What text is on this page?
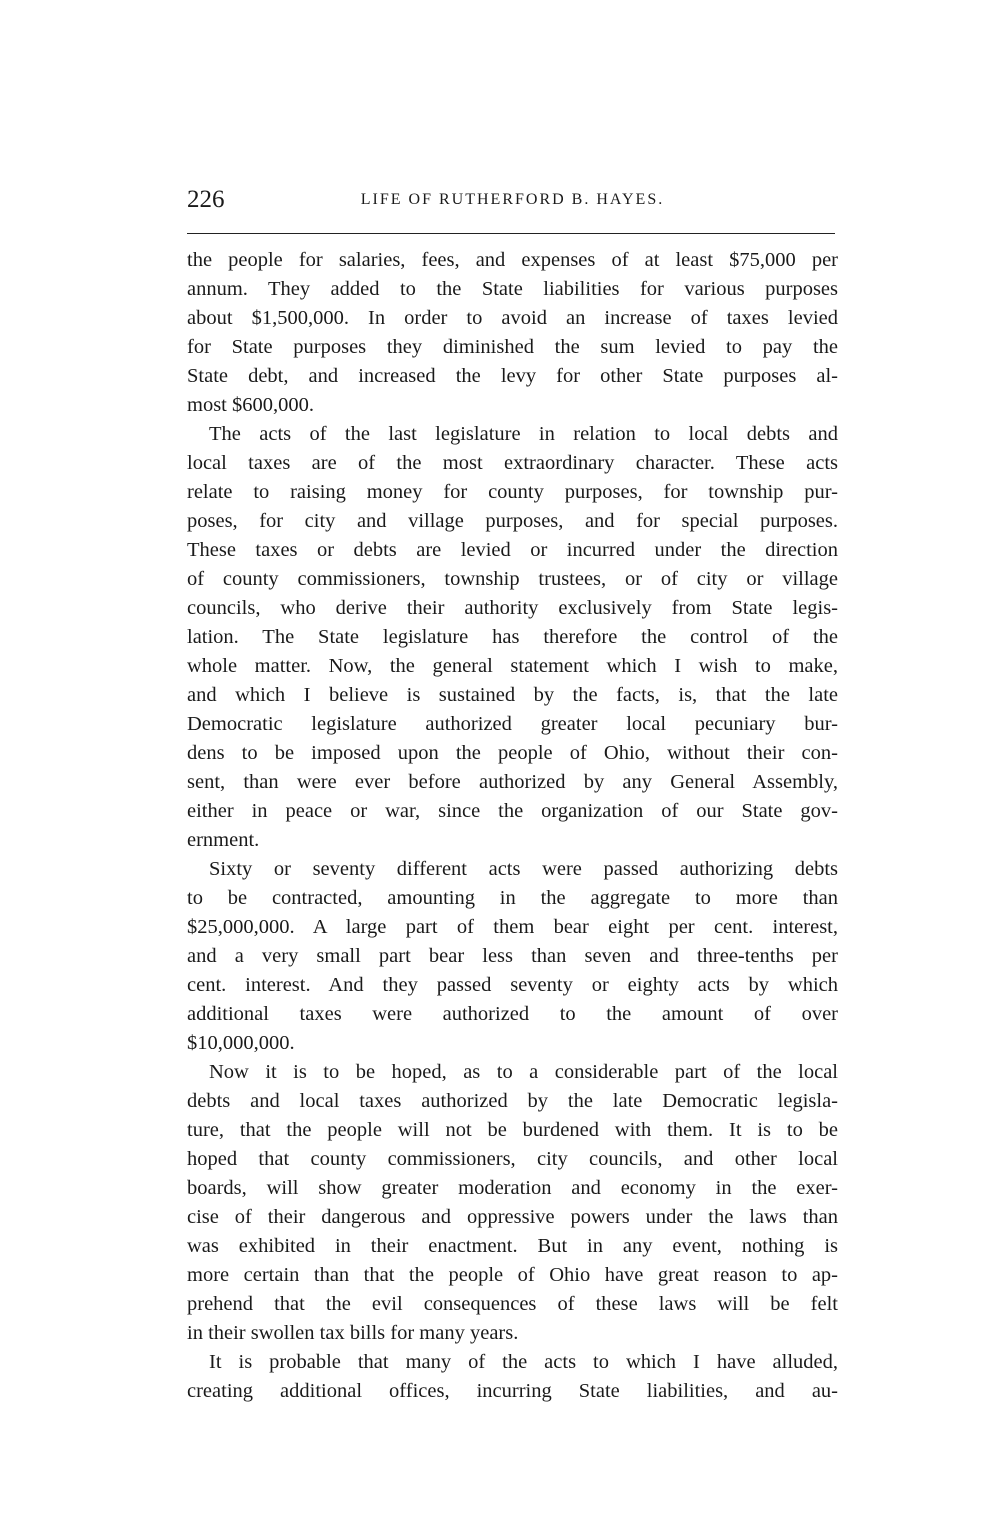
226	LIFE OF RUTHERFORD B. HAYES.
the people for salaries, fees, and expenses of at least $75,000 per
annum. They added to the State liabilities for various purposes
about $1,500,000. In order to avoid an increase of taxes levied
for State purposes they diminished the sum levied to pay the
State debt, and increased the levy for other State purposes al-
most $600,000.
The acts of the last legislature in relation to local debts and
local taxes are of the most extraordinary character. These acts
relate to raising money for county purposes, for township pur-
poses, for city and village purposes, and for special purposes.
These taxes or debts are levied or incurred under the direction
of county commissioners, township trustees, or of city or village
councils, who derive their authority exclusively from State legis-
lation. The State legislature has therefore the control of the
whole matter. Now, the general statement which I wish to make,
and which I believe is sustained by the facts, is, that the late
Democratic legislature authorized greater local pecuniary bur-
dens to be imposed upon the people of Ohio, without their con-
sent, than were ever before authorized by any General Assembly,
either in peace or war, since the organization of our State gov-
ernment.
Sixty or seventy different acts were passed authorizing debts
to be contracted, amounting in the aggregate to more than
$25,000,000. A large part of them bear eight per cent. interest,
and a very small part bear less than seven and three-tenths per
cent. interest. And they passed seventy or eighty acts by which
additional taxes were authorized to the amount of over
$10,000,000.
Now it is to be hoped, as to a considerable part of the local
debts and local taxes authorized by the late Democratic legisla-
ture, that the people will not be burdened with them. It is to be
hoped that county commissioners, city councils, and other local
boards, will show greater moderation and economy in the exer-
cise of their dangerous and oppressive powers under the laws than
was exhibited in their enactment. But in any event, nothing is
more certain than that the people of Ohio have great reason to ap-
prehend that the evil consequences of these laws will be felt
in their swollen tax bills for many years.
It is probable that many of the acts to which I have alluded,
creating additional offices, incurring State liabilities, and au-
